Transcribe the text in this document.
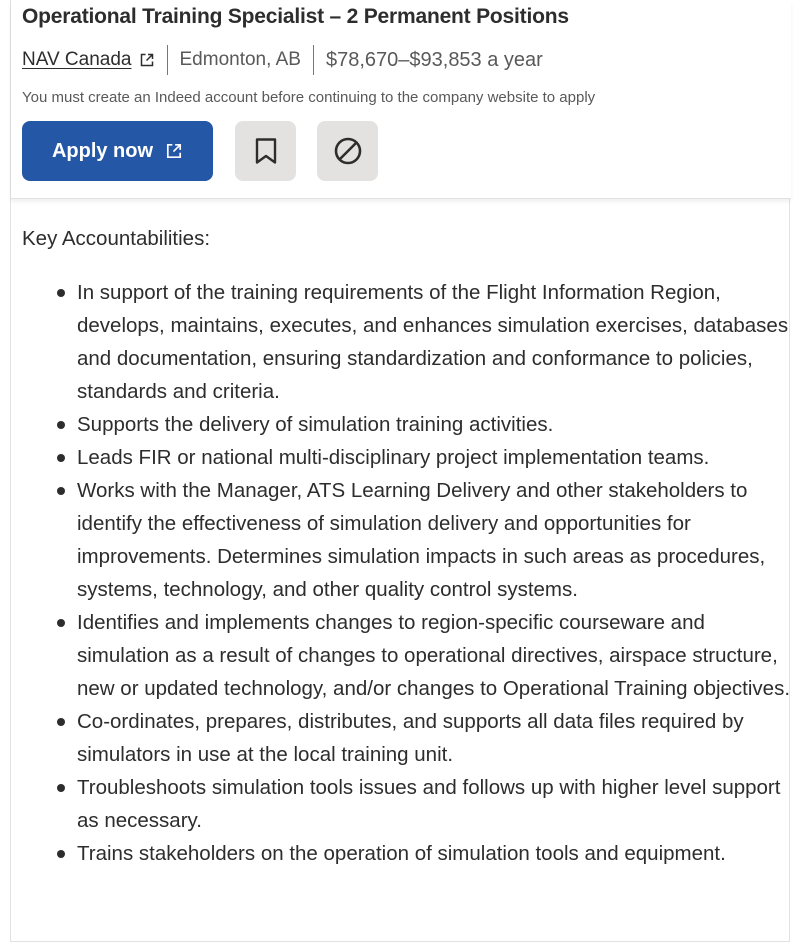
Operational Training Specialist – 2 Permanent Positions
NAV Canada	Edmonton, AB $78,670–$93,853 a year
You must create an Indeed account before continuing to the company website to apply
Apply now

Key Accountabilities:

In support of the training requirements of the Flight Information Region, develops, maintains, executes, and enhances simulation exercises, databases and documentation, ensuring standardization and conformance to policies, standards and criteria.
Supports the delivery of simulation training activities.
Leads FIR or national multi-disciplinary project implementation teams.
Works with the Manager, ATS Learning Delivery and other stakeholders to identify the effectiveness of simulation delivery and opportunities for improvements. Determines simulation impacts in such areas as procedures, systems, technology, and other quality control systems.
Identifies and implements changes to region-specific courseware and simulation as a result of changes to operational directives, airspace structure, new or updated technology, and/or changes to Operational Training objectives.
Co-ordinates, prepares, distributes, and supports all data files required by simulators in use at the local training unit.
Troubleshoots simulation tools issues and follows up with higher level support as necessary.
Trains stakeholders on the operation of simulation tools and equipment.
